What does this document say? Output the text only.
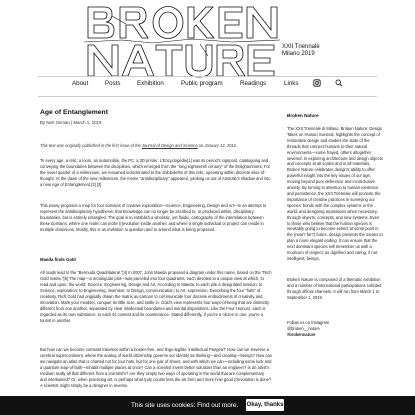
XXII Triennale
Milano 2019
About	Posts	Exhibition	Public program	Readings	Links
Age of Entanglement
By Neri Oxman | March 1, 2019
This text was originally published in the first issue of the Journal of Design and Science on January 13, 2016.
To every age, a relic: a loom, an automobile, the PC, a 3D printer. L'Encyclopédie[1] was its period's signpost, cataloguing and conveying the boundaries between the disciplines, which emerged from the "long eighteenth century" of the Enlightenment. For the novel quarter of a millennium, we remained indoctrinated to the shibboleths of this relic, operating within discrete silos-of-thought. At the dawn of the new millennium, the meme "antidisciplinary" appeared, yanking us out of Aristotle's shadow and into a new Age of Entanglement.[2] [3]
This essay proposes a map for four domains of creative exploration—Science, Engineering, Design and Art—in an attempt to represent the antidisciplinary hypothesis: that knowledge can no longer be ascribed to, or produced within, disciplinary boundaries, but is entirely entangled. The goal is to establish a wholistic, yet fluidic, cartography of the interrelation between these domains, where one realm can incite (r)evolution inside another; and where a single individual or project can reside in multiple dominions. Mostly, this is an invitation to question and to amend what is being proposed.
Maeda finds Gold
All roads lead to the "Bermuda Quadrilateral."[4] In 2007, John Maeda proposed a diagram under this name, based on the "Rich Gold matrix."[5] The map—a rectangular plot—was parceled into four quadrants, each devoted to a unique view at which, to read and upon, the world: Science, Engineering, Design and Art. According to Maeda, to each pile a designated mission: to Science, exploration; to Engineering, invention; to Design, communication; to Art, expression. Describing the four "hats" of creativity, Rich Gold had originally drawn the matrix as-cartoon to communicate four discrete embodiments of creativity and innovation. Mark your mindset, conquer its little acre, and settle in. Gold's view represents four ways-of-being that are distinctly different from one another, separated by clear intellectual boundaries and mental dispositions. Like the Four Humors, each is regarded as its own substance, to each its content and its countenance. Stated differently, if you're a citizen in one, you're a tourist in another.
But how can we become constant travelers within a border-free, and lingo-legible 'intellectual Pangea?' How can we traverse a cerebral supercontinent, where the analog of world citizenship governs our identity as thinking—and creating—beings? How can we navigate an atlas that is charted not for four hats, but for one pair of shoes, and with which we can—including some luck and a quantum leap-of-faith—inhabit multiple places at once? Can a scientist invent better solutions than an engineer? Is an artist's medium really all that different from a scientist's? Are they simply two ways of operating in the world that are complementary and intertwined? Or, when practicing art, is perhaps what truly counts less the art form and more how good (r)evolution is done? A scientist might simply be a designer in reverse.
Broken Nature
The XXII Triennale di Milano, Broken Nature: Design Takes on Human Survival, highlights the concept of restorative design and studies the state of the threads that connect humans to their natural environments—some frayed, others altogether severed. In exploring architecture and design objects and concepts at all scales and in all materials, Broken Nature celebrates design's ability to offer powerful insight into the key issues of our age, moving beyond pure deference and inconclusive anxiety. By turning to attention to human existence and persistence, the XXII Triennale will promote the importance of creative practices in surveying our species' bonds with the complex systems in the world, and designing reparations when necessary, through objects, concepts, and new systems. Even to those who believe that the human species is inevitably going to become extinct at some point in the (near? far?) future, design presents the means to plan a more elegant ending. It can ensure that the next dominant species will remember us with a modicum of respect: as dignified and caring, if not intelligent, beings.
Broken Nature is composed of a thematic exhibition and a number of international participations solicited through official channels. It will run from March 1 to September 1, 2019.
Follow us on Instagram
@broken__nature
#brokennature
This site uses cookies: Find out more. Okay, thanks
